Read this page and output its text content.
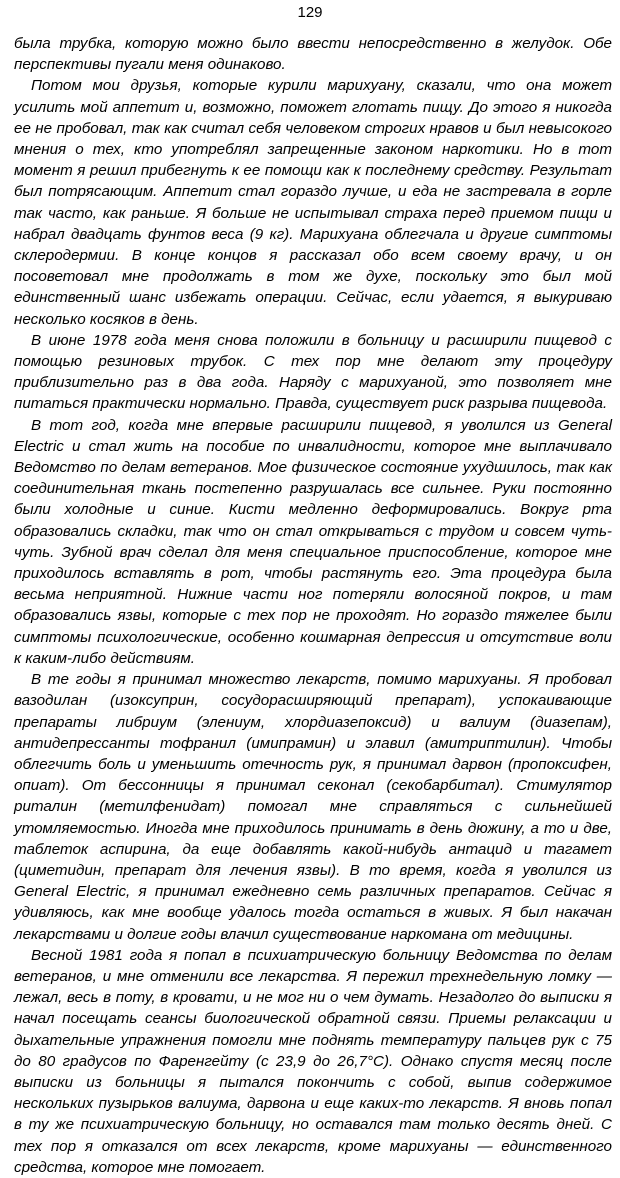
129

была трубка, которую можно было ввести непосредственно в желудок. Обе перспективы пугали меня одинаково.

Потом мои друзья, которые курили марихуану, сказали, что она может усилить мой аппетит и, возможно, поможет глотать пищу. До этого я никогда ее не пробовал, так как считал себя человеком строгих нравов и был невысокого мнения о тех, кто употреблял запрещенные законом наркотики. Но в тот момент я решил прибегнуть к ее помощи как к последнему средству. Результат был потрясающим. Аппетит стал гораздо лучше, и еда не застревала в горле так часто, как раньше. Я больше не испытывал страха перед приемом пищи и набрал двадцать фунтов веса (9 кг). Марихуана облегчала и другие симптомы склеродермии. В конце концов я рассказал обо всем своему врачу, и он посоветовал мне продолжать в том же духе, поскольку это был мой единственный шанс избежать операции. Сейчас, если удается, я выкуриваю несколько косяков в день.

В июне 1978 года меня снова положили в больницу и расширили пищевод с помощью резиновых трубок. С тех пор мне делают эту процедуру приблизительно раз в два года. Наряду с марихуаной, это позволяет мне питаться практически нормально. Правда, существует риск разрыва пищевода.

В тот год, когда мне впервые расширили пищевод, я уволился из General Electric и стал жить на пособие по инвалидности, которое мне выплачивало Ведомство по делам ветеранов. Мое физическое состояние ухудшилось, так как соединительная ткань постепенно разрушалась все сильнее. Руки постоянно были холодные и синие. Кисти медленно деформировались. Вокруг рта образовались складки, так что он стал открываться с трудом и совсем чуть-чуть. Зубной врач сделал для меня специальное приспособление, которое мне приходилось вставлять в рот, чтобы растянуть его. Эта процедура была весьма неприятной. Нижние части ног потеряли волосяной покров, и там образовались язвы, которые с тех пор не проходят. Но гораздо тяжелее были симптомы психологические, особенно кошмарная депрессия и отсутствие воли к каким-либо действиям.

В те годы я принимал множество лекарств, помимо марихуаны. Я пробовал вазодилан (изоксуприн, сосудорасширяющий препарат), успокаивающие препараты либриум (элениум, хлордиазепоксид) и валиум (диазепам), антидепрессанты тофранил (имипрамин) и элавил (амитриптилин). Чтобы облегчить боль и уменьшить отечность рук, я принимал дарвон (пропоксифен, опиат). От бессонницы я принимал секонал (секобарбитал). Стимулятор риталин (метилфенидат) помогал мне справляться с сильнейшей утомляемостью. Иногда мне приходилось принимать в день дюжину, а то и две, таблеток аспирина, да еще добавлять какой-нибудь антацид и тагамет (циметидин, препарат для лечения язвы). В то время, когда я уволился из General Electric, я принимал ежедневно семь различных препаратов. Сейчас я удивляюсь, как мне вообще удалось тогда остаться в живых. Я был накачан лекарствами и долгие годы влачил существование наркомана от медицины.

Весной 1981 года я попал в психиатрическую больницу Ведомства по делам ветеранов, и мне отменили все лекарства. Я пережил трехнедельную ломку — лежал, весь в поту, в кровати, и не мог ни о чем думать. Незадолго до выписки я начал посещать сеансы биологической обратной связи. Приемы релаксации и дыхательные упражнения помогли мне поднять температуру пальцев рук с 75 до 80 градусов по Фаренгейту (с 23,9 до 26,7°С). Однако спустя месяц после выписки из больницы я пытался покончить с собой, выпив содержимое нескольких пузырьков валиума, дарвона и еще каких-то лекарств. Я вновь попал в ту же психиатрическую больницу, но оставался там только десять дней. С тех пор я отказался от всех лекарств, кроме марихуаны — единственного средства, которое мне помогает.
